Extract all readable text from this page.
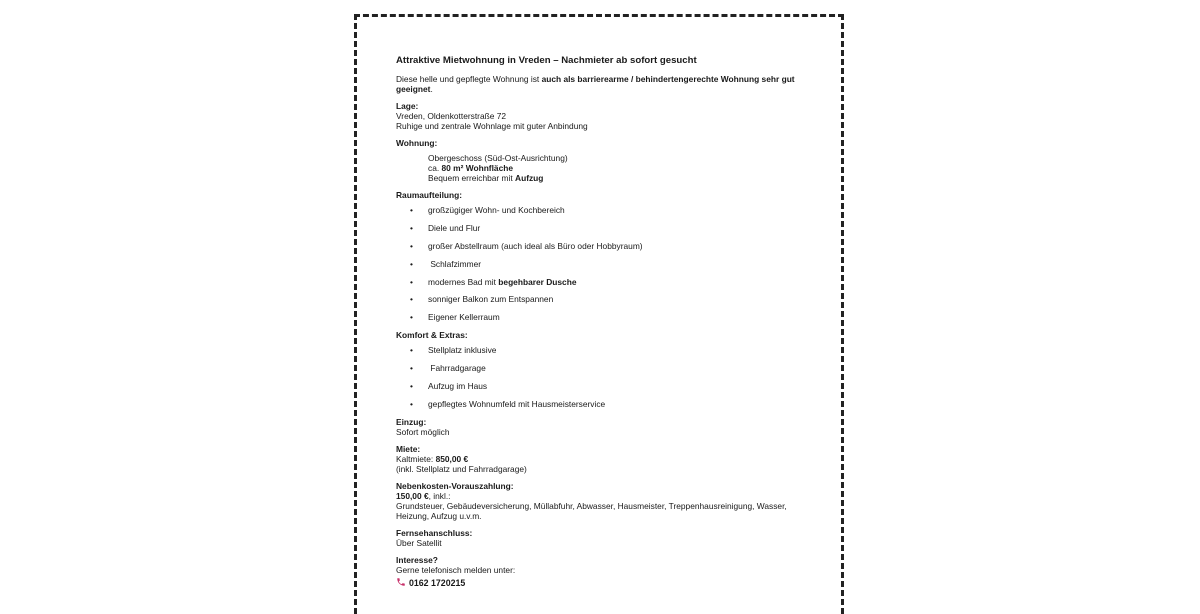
Attraktive Mietwohnung in Vreden – Nachmieter ab sofort gesucht
Diese helle und gepflegte Wohnung ist auch als barrierearme / behindertengerechte Wohnung sehr gut geeignet.
Lage:
Vreden, Oldenkotterstraße 72
Ruhige und zentrale Wohnlage mit guter Anbindung
Wohnung:
Obergeschoss (Süd-Ost-Ausrichtung)
ca. 80 m² Wohnfläche
Bequem erreichbar mit Aufzug
Raumaufteilung:
• großzügiger Wohn- und Kochbereich
• Diele und Flur
• großer Abstellraum (auch ideal als Büro oder Hobbyraum)
• Schlafzimmer
• modernes Bad mit begehbarer Dusche
• sonniger Balkon zum Entspannen
• Eigener Kellerraum
Komfort & Extras:
• Stellplatz inklusive
• Fahrradgarage
• Aufzug im Haus
• gepflegtes Wohnumfeld mit Hausmeisterservice
Einzug:
Sofort möglich
Miete:
Kaltmiete: 850,00 €
(inkl. Stellplatz und Fahrradgarage)
Nebenkosten-Vorauszahlung:
150,00 €, inkl.:
Grundsteuer, Gebäudeversicherung, Müllabfuhr, Abwasser, Hausmeister, Treppenhausreinigung, Wasser, Heizung, Aufzug u.v.m.
Fernsehanschluss:
Über Satellit
Interesse?
Gerne telefonisch melden unter:
0162 1720215
